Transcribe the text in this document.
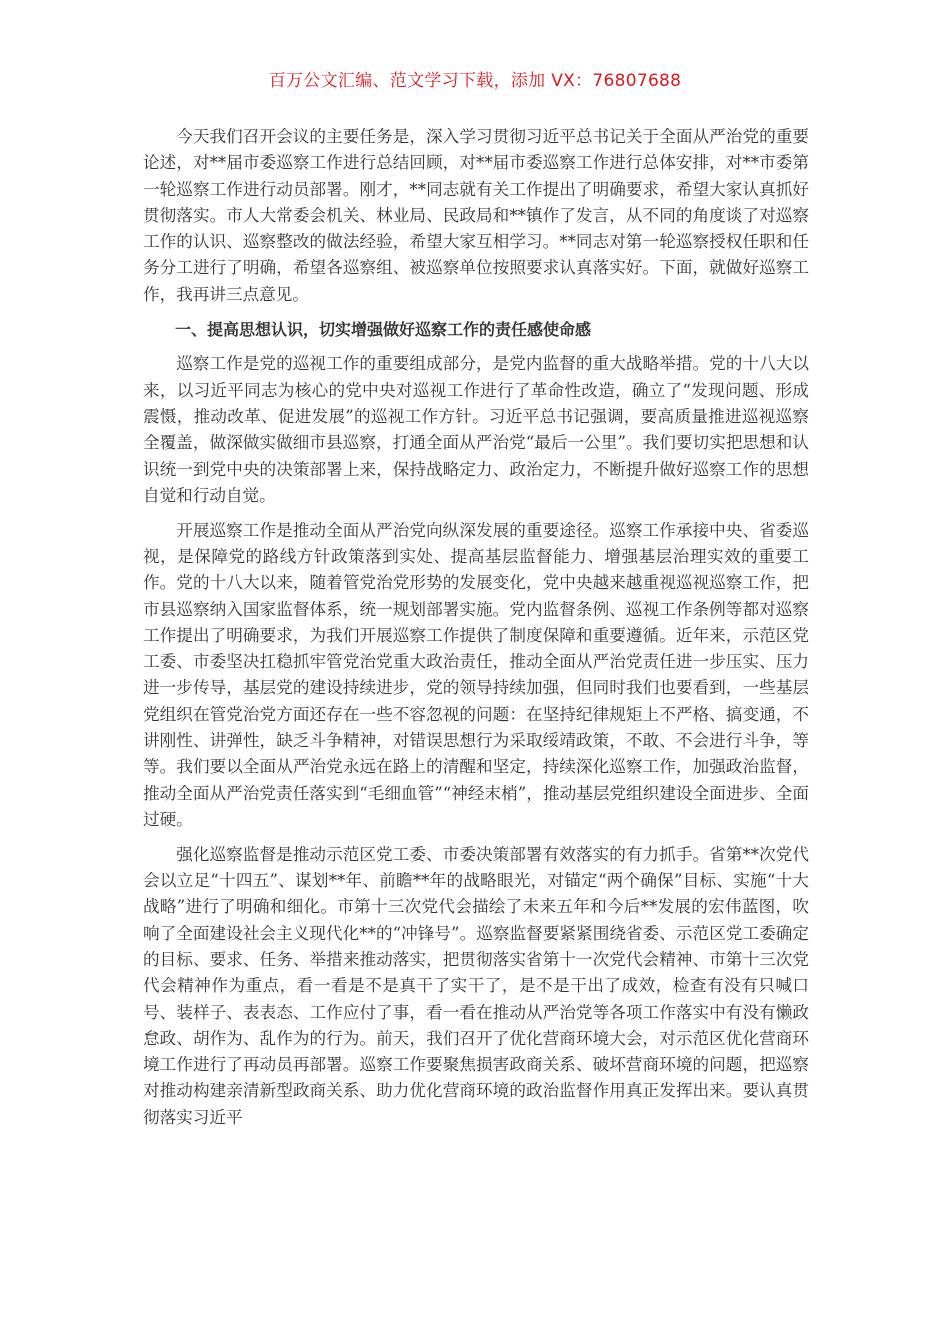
百万公文汇编、范文学习下载，添加 VX：76807688

今天我们召开会议的主要任务是，深入学习贯彻习近平总书记关于全面从严治党的重要论述，对**届市委巡察工作进行总结回顾，对**届市委巡察工作进行总体安排，对**市委第一轮巡察工作进行动员部署。刚才，**同志就有关工作提出了明确要求，希望大家认真抓好贯彻落实。市人大常委会机关、林业局、民政局和**镇作了发言，从不同的角度谈了对巡察工作的认识、巡察整改的做法经验，希望大家互相学习。**同志对第一轮巡察授权任职和任务分工进行了明确，希望各巡察组、被巡察单位按照要求认真落实好。下面，就做好巡察工作，我再讲三点意见。

一、提高思想认识，切实增强做好巡察工作的责任感使命感

巡察工作是党的巡视工作的重要组成部分，是党内监督的重大战略举措。党的十八大以来，以习近平同志为核心的党中央对巡视工作进行了革命性改造，确立了“发现问题、形成震慑，推动改革、促进发展”的巡视工作方针。习近平总书记强调，要高质量推进巡视巡察全覆盖，做深做实做细市县巡察，打通全面从严治党“最后一公里”。我们要切实把思想和认识统一到党中央的决策部署上来，保持战略定力、政治定力，不断提升做好巡察工作的思想自觉和行动自觉。

开展巡察工作是推动全面从严治党向纵深发展的重要途径。巡察工作承接中央、省委巡视，是保障党的路线方针政策落到实处、提高基层监督能力、增强基层治理实效的重要工作。党的十八大以来，随着管党治党形势的发展变化，党中央越来越重视巡视巡察工作，把市县巡察纳入国家监督体系，统一规划部署实施。党内监督条例、巡视工作条例等都对巡察工作提出了明确要求，为我们开展巡察工作提供了制度保障和重要遵循。近年来，示范区党工委、市委坚决扛稳抓牢管党治党重大政治责任，推动全面从严治党责任进一步压实、压力进一步传导，基层党的建设持续进步，党的领导持续加强，但同时我们也要看到，一些基层党组织在管党治党方面还存在一些不容忽视的问题：在坚持纪律规矩上不严格、搞变通，不讲刚性、讲弹性，缺乏斗争精神，对错误思想行为采取绥靖政策，不敢、不会进行斗争，等等。我们要以全面从严治党永远在路上的清醒和坚定，持续深化巡察工作，加强政治监督，推动全面从严治党责任落实到“毛细血管”“神经末梢”，推动基层党组织建设全面进步、全面过硬。

强化巡察监督是推动示范区党工委、市委决策部署有效落实的有力抓手。省第**次党代会以立足“十四五”、谋划**年、前瞻**年的战略眼光，对锚定“两个确保”目标、实施“十大战略”进行了明确和细化。市第十三次党代会描绘了未来五年和今后**发展的宏伟蓝图，吹响了全面建设社会主义现代化**的“冲锋号”。巡察监督要紧紧围绕省委、示范区党工委确定的目标、要求、任务、举措来推动落实，把贯彻落实省第十一次党代会精神、市第十三次党代会精神作为重点，看一看是不是真干了实干了，是不是干出了成效，检查有没有只喊口号、装样子、表表态、工作应付了事，看一看在推动从严治党等各项工作落实中有没有懒政怠政、胡作为、乱作为的行为。前天，我们召开了优化营商环境大会，对示范区优化营商环境工作进行了再动员再部署。巡察工作要聚焦损害政商关系、破坏营商环境的问题，把巡察对推动构建亲清新型政商关系、助力优化营商环境的政治监督作用真正发挥出来。要认真贯彻落实习近平
